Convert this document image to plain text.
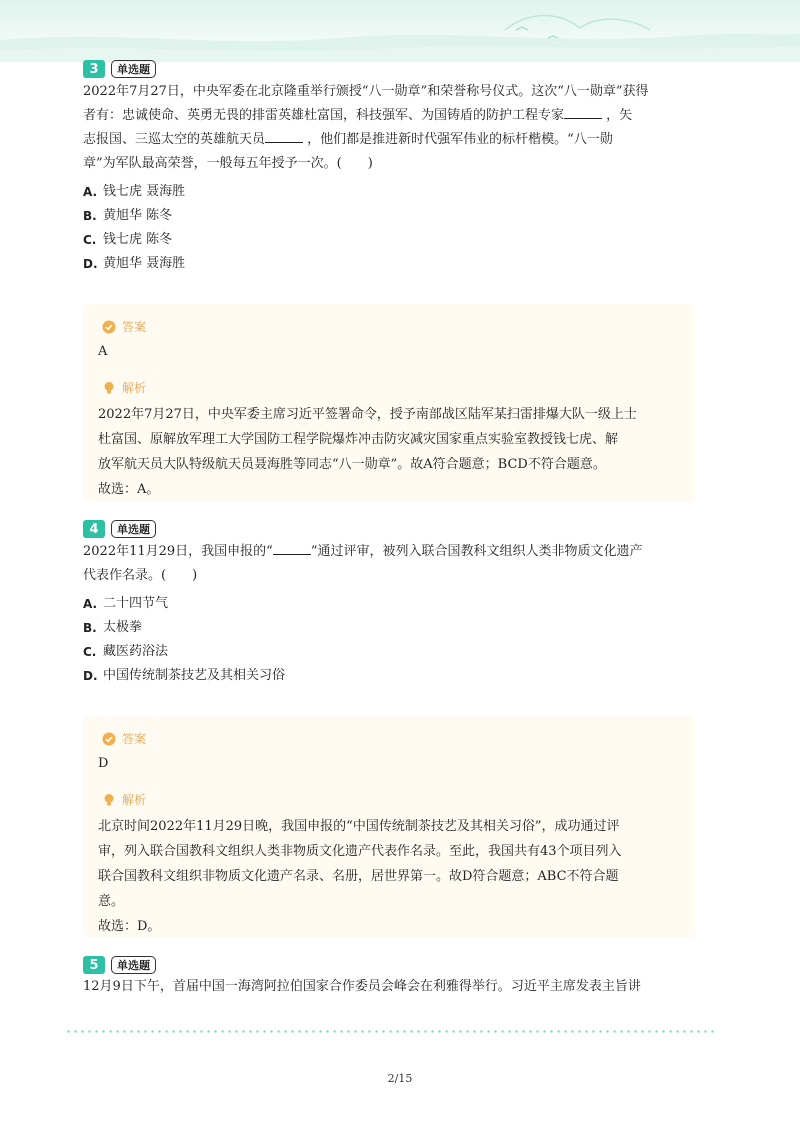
3	单选题
2022年7月27日，中央军委在北京隆重举行颁授“八一勋章”和荣誉称号仪式。这次“八一勋章”获得
者有：忠诚使命、英勇无畏的排雷英雄杜富国，科技强军、为国铸盾的防护工程专家	，矢
志报国、三巡太空的英雄航天员	，他们都是推进新时代强军伟业的标杆楷模。“八一勋
章”为军队最高荣誉，一般每五年授予一次。(　　)
A. 钱七虎 聂海胜
B. 黄旭华 陈冬
C. 钱七虎 陈冬
D. 黄旭华 聂海胜
答案
A
解析
2022年7月27日，中央军委主席习近平签署命令，授予南部战区陆军某扫雷排爆大队一级上士
杜富国、原解放军理工大学国防工程学院爆炸冲击防灾减灾国家重点实验室教授钱七虎、解
放军航天员大队特级航天员聂海胜等同志“八一勋章”。故A符合题意；BCD不符合题意。
故选：A。
4	单选题
2022年11月29日，我国申报的“	”通过评审，被列入联合国教科文组织人类非物质文化遗产
代表作名录。(　　)
A. 二十四节气
B. 太极拳
C. 藏医药浴法
D. 中国传统制茶技艺及其相关习俗
答案
D
解析
北京时间2022年11月29日晚，我国申报的“中国传统制茶技艺及其相关习俗”，成功通过评
审，列入联合国教科文组织人类非物质文化遗产代表作名录。至此，我国共有43个项目列入
联合国教科文组织非物质文化遗产名录、名册，居世界第一。故D符合题意；ABC不符合题
意。
故选：D。
5	单选题
12月9日下午，首届中国一海湾阿拉伯国家合作委员会峰会在利雅得举行。习近平主席发表主旨讲
2/15
